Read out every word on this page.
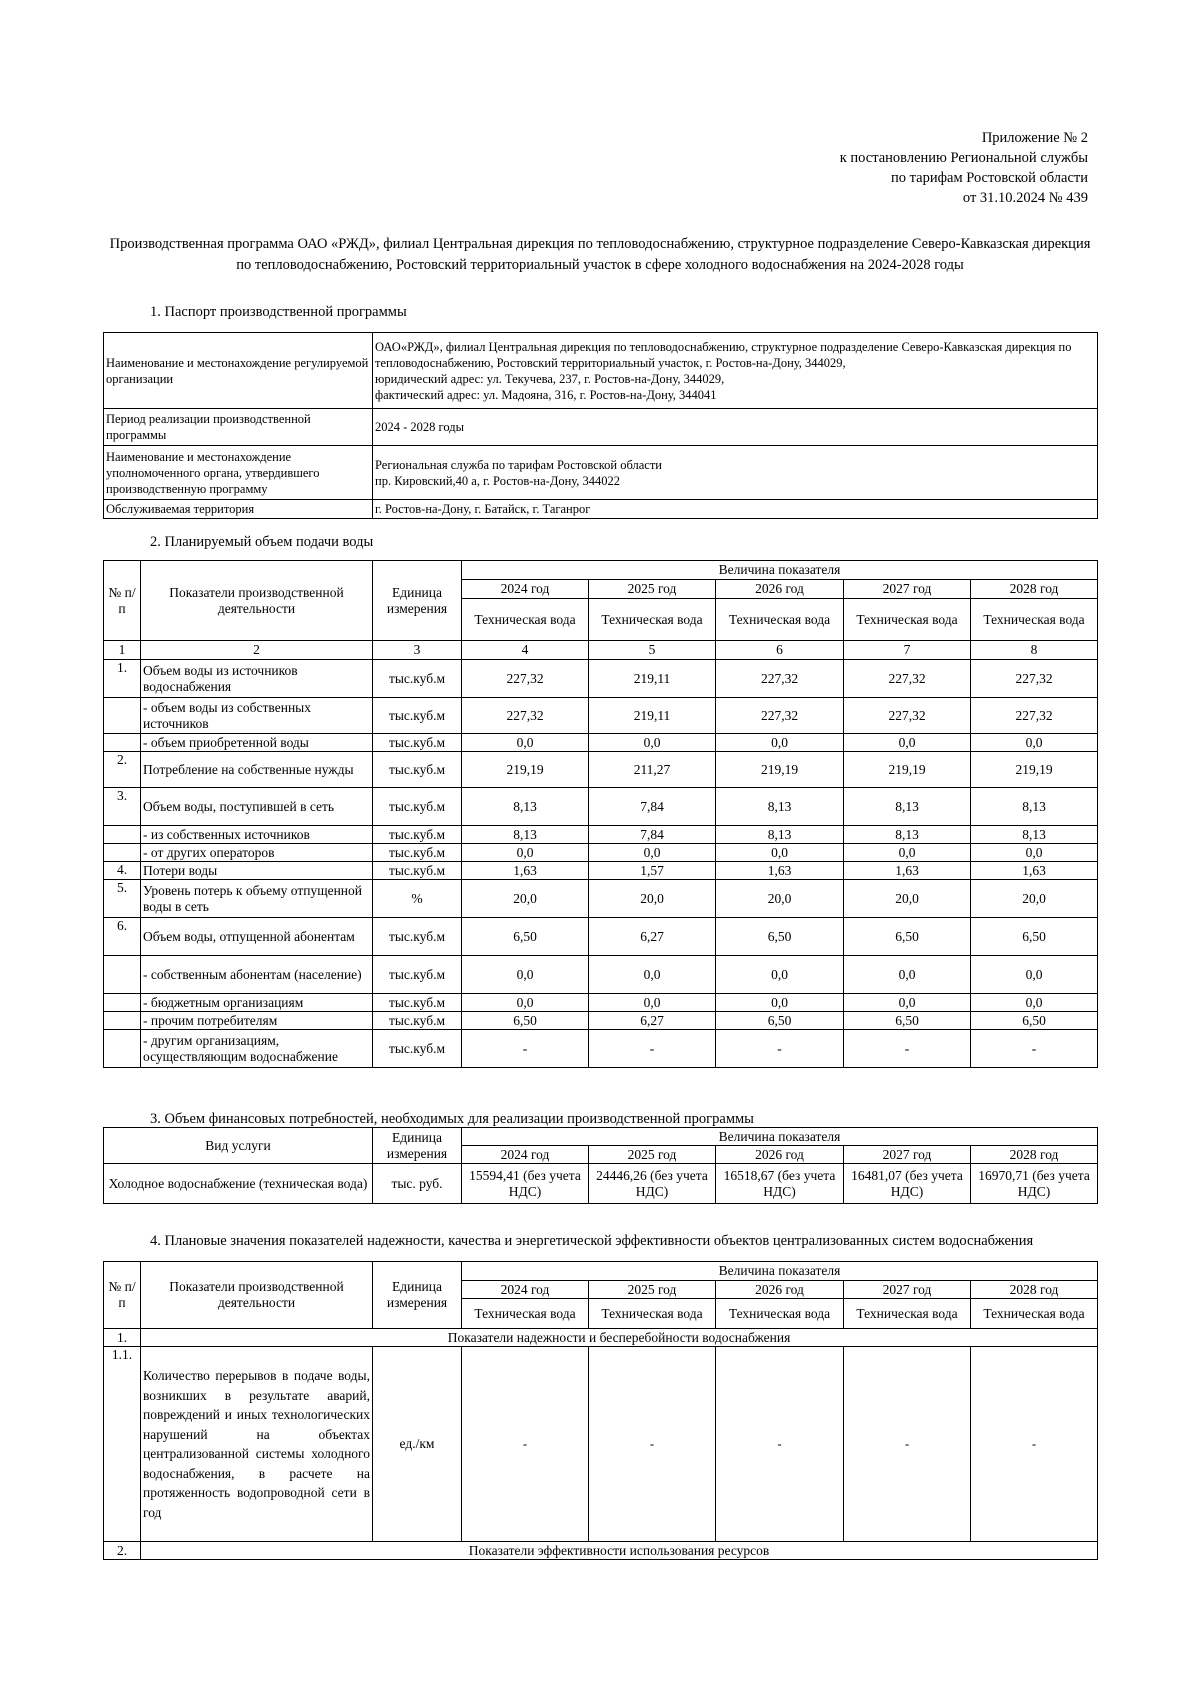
Приложение № 2
к постановлению Региональной службы
по тарифам Ростовской области
от 31.10.2024 № 439
Производственная программа ОАО «РЖД», филиал Центральная дирекция по тепловодоснабжению, структурное подразделение Северо-Кавказская дирекция по тепловодоснабжению, Ростовский территориальный участок в сфере холодного водоснабжения на 2024-2028 годы
1. Паспорт производственной программы
Наименование и местонахождение регулируемой организации	ОАО«РЖД», филиал Центральная дирекция по тепловодоснабжению, структурное подразделение Северо-Кавказская дирекция по тепловодоснабжению, Ростовский территориальный участок, г. Ростов-на-Дону, 344029,
юридический адрес: ул. Текучева, 237, г. Ростов-на-Дону, 344029,
фактический адрес: ул. Мадояна, 316, г. Ростов-на-Дону, 344041

Период реализации производственной программы	2024 - 2028 годы
Наименование и местонахождение уполномоченного органа, утвердившего производственную программу	Региональная служба по тарифам Ростовской области
пр. Кировский,40 а, г. Ростов-на-Дону, 344022

Обслуживаемая территория	г. Ростов-на-Дону, г. Батайск, г. Таганрог
2. Планируемый объем подачи воды
№ п/п	Показатели производственной деятельности	Единица измерения	Величина показателя				
			2024 год	2025 год	2026 год	2027 год	2028 год
			Техническая вода	Техническая вода	Техническая вода	Техническая вода	Техническая вода
1	2	3	4	5	6	7	8
1.	Объем воды из источников водоснабжения	тыс.куб.м	227,32	219,11	227,32	227,32	227,32
	- объем воды из собственных источников	тыс.куб.м	227,32	219,11	227,32	227,32	227,32
	- объем приобретенной воды	тыс.куб.м	0,0	0,0	0,0	0,0	0,0
2.	Потребление на собственные нужды	тыс.куб.м	219,19	211,27	219,19	219,19	219,19
3.	Объем воды, поступившей в сеть	тыс.куб.м	8,13	7,84	8,13	8,13	8,13
	- из собственных источников	тыс.куб.м	8,13	7,84	8,13	8,13	8,13
	- от других операторов	тыс.куб.м	0,0	0,0	0,0	0,0	0,0
4.	Потери воды	тыс.куб.м	1,63	1,57	1,63	1,63	1,63
5.	Уровень потерь к объему отпущенной воды в сеть	%	20,0	20,0	20,0	20,0	20,0
6.	Объем воды, отпущенной абонентам	тыс.куб.м	6,50	6,27	6,50	6,50	6,50
	- собственным абонентам (население)	тыс.куб.м	0,0	0,0	0,0	0,0	0,0
	- бюджетным организациям	тыс.куб.м	0,0	0,0	0,0	0,0	0,0
	- прочим потребителям	тыс.куб.м	6,50	6,27	6,50	6,50	6,50
	- другим организациям, осуществляющим водоснабжение	тыс.куб.м	-	-	-	-	-
3. Объем финансовых потребностей, необходимых для реализации производственной программы
Вид услуги	Единица измерения	Величина показателя				
		2024 год	2025 год	2026 год	2027 год	2028 год
Холодное водоснабжение (техническая вода)	тыс. руб.	15594,41 (без учета НДС)	24446,26 (без учета НДС)	16518,67 (без учета НДС)	16481,07 (без учета НДС)	16970,71 (без учета НДС)
4. Плановые значения показателей надежности, качества и энергетической эффективности объектов централизованных систем водоснабжения
№ п/п	Показатели производственной деятельности	Единица измерения	Величина показателя				
			2024 год	2025 год	2026 год	2027 год	2028 год
			Техническая вода	Техническая вода	Техническая вода	Техническая вода	Техническая вода
1.	Показатели надежности и бесперебойности водоснабжения						
1.1.	Количество перерывов в подаче воды, возникших в результате аварий, повреждений и иных технологических нарушений на объектах централизованной системы холодного водоснабжения, в расчете на протяженность водопроводной сети в год	ед./км	-	-	-	-	-
2.	Показатели эффективности использования ресурсов						
